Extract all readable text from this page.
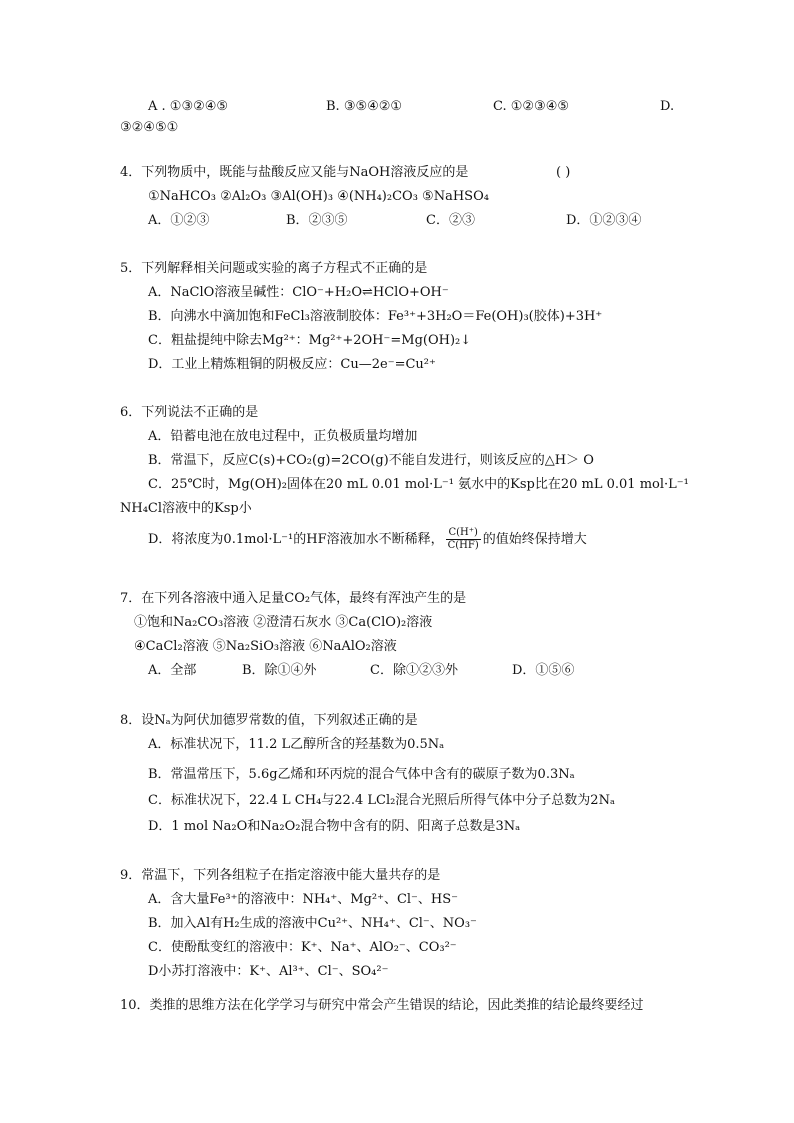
A . ①③②④⑤	B. ③⑤④②①	C. ①②③④⑤	D.
③②④⑤①
4．下列物质中，既能与盐酸反应又能与NaOH溶液反应的是	( )
①NaHCO₃ ②Al₂O₃ ③Al(OH)₃ ④(NH₄)₂CO₃ ⑤NaHSO₄
A．①②③	B．②③⑤	C．②③	D．①②③④
5．下列解释相关问题或实验的离子方程式不正确的是
A．NaClO溶液呈碱性：ClO⁻+H₂O⇌HClO+OH⁻
B．向沸水中滴加饱和FeCl₃溶液制胶体：Fe³⁺+3H₂O＝Fe(OH)₃(胶体)+3H⁺
C．粗盐提纯中除去Mg²⁺：Mg²⁺+2OH⁻=Mg(OH)₂↓
D．工业上精炼粗铜的阴极反应：Cu—2e⁻=Cu²⁺
6．下列说法不正确的是
A．铅蓄电池在放电过程中，正负极质量均增加
B．常温下，反应C(s)+CO₂(g)=2CO(g)不能自发进行，则该反应的△H＞ O
C．25℃时，Mg(OH)₂固体在20 mL 0.01 mol·L⁻¹ 氨水中的Ksp比在20 mL 0.01 mol·L⁻¹
NH₄Cl溶液中的Ksp小
D．将浓度为0.1mol·L⁻¹的HF溶液加水不断稀释， $\frac{C(H^+)}{C(HF)}$ 的值始终保持增大
7．在下列各溶液中通入足量CO₂气体，最终有浑浊产生的是
①饱和Na₂CO₃溶液 ②澄清石灰水 ③Ca(ClO)₂溶液
④CaCl₂溶液 ⑤Na₂SiO₃溶液 ⑥NaAlO₂溶液
A．全部	B．除①④外	C．除①②③外	D．①⑤⑥
8．设Nₐ为阿伏加德罗常数的值，下列叙述正确的是
A．标准状况下，11.2 L乙醇所含的羟基数为0.5Nₐ
B．常温常压下，5.6g乙烯和环丙烷的混合气体中含有的碳原子数为0.3Nₐ
C．标准状况下，22.4 L CH₄与22.4 LCl₂混合光照后所得气体中分子总数为2Nₐ
D．1 mol Na₂O和Na₂O₂混合物中含有的阴、阳离子总数是3Nₐ
9．常温下，下列各组粒子在指定溶液中能大量共存的是
A．含大量Fe³⁺的溶液中：NH₄⁺、Mg²⁺、Cl⁻、HS⁻
B．加入Al有H₂生成的溶液中Cu²⁺、NH₄⁺、Cl⁻、NO₃⁻
C．使酚酞变红的溶液中：K⁺、Na⁺、AlO₂⁻、CO₃²⁻
D小苏打溶液中：K⁺、Al³⁺、Cl⁻、SO₄²⁻
10．类推的思维方法在化学学习与研究中常会产生错误的结论，因此类推的结论最终要经过
